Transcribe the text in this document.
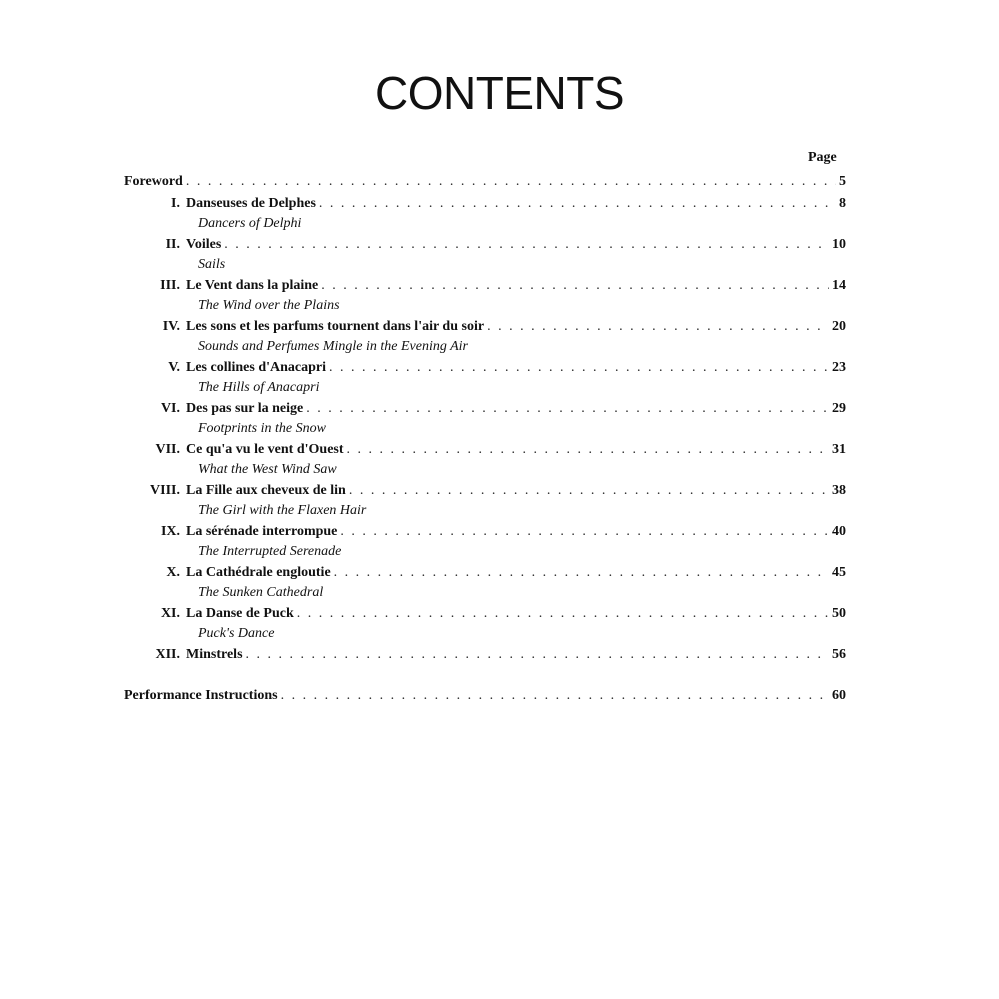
CONTENTS
Page
Foreword . . .	5
I. Danseuses de Delphes . . .	8
Dancers of Delphi
II. Voiles . . .	10
Sails
III. Le Vent dans la plaine . . .	14
The Wind over the Plains
IV. Les sons et les parfums tournent dans l'air du soir . . .	20
Sounds and Perfumes Mingle in the Evening Air
V. Les collines d'Anacapri . . .	23
The Hills of Anacapri
VI. Des pas sur la neige . . .	29
Footprints in the Snow
VII. Ce qu'a vu le vent d'Ouest . . .	31
What the West Wind Saw
VIII. La Fille aux cheveux de lin . . .	38
The Girl with the Flaxen Hair
IX. La sérénade interrompue . . .	40
The Interrupted Serenade
X. La Cathédrale engloutie . . .	45
The Sunken Cathedral
XI. La Danse de Puck . . .	50
Puck's Dance
XII. Minstrels . . .	56
Performance Instructions . . .	60
